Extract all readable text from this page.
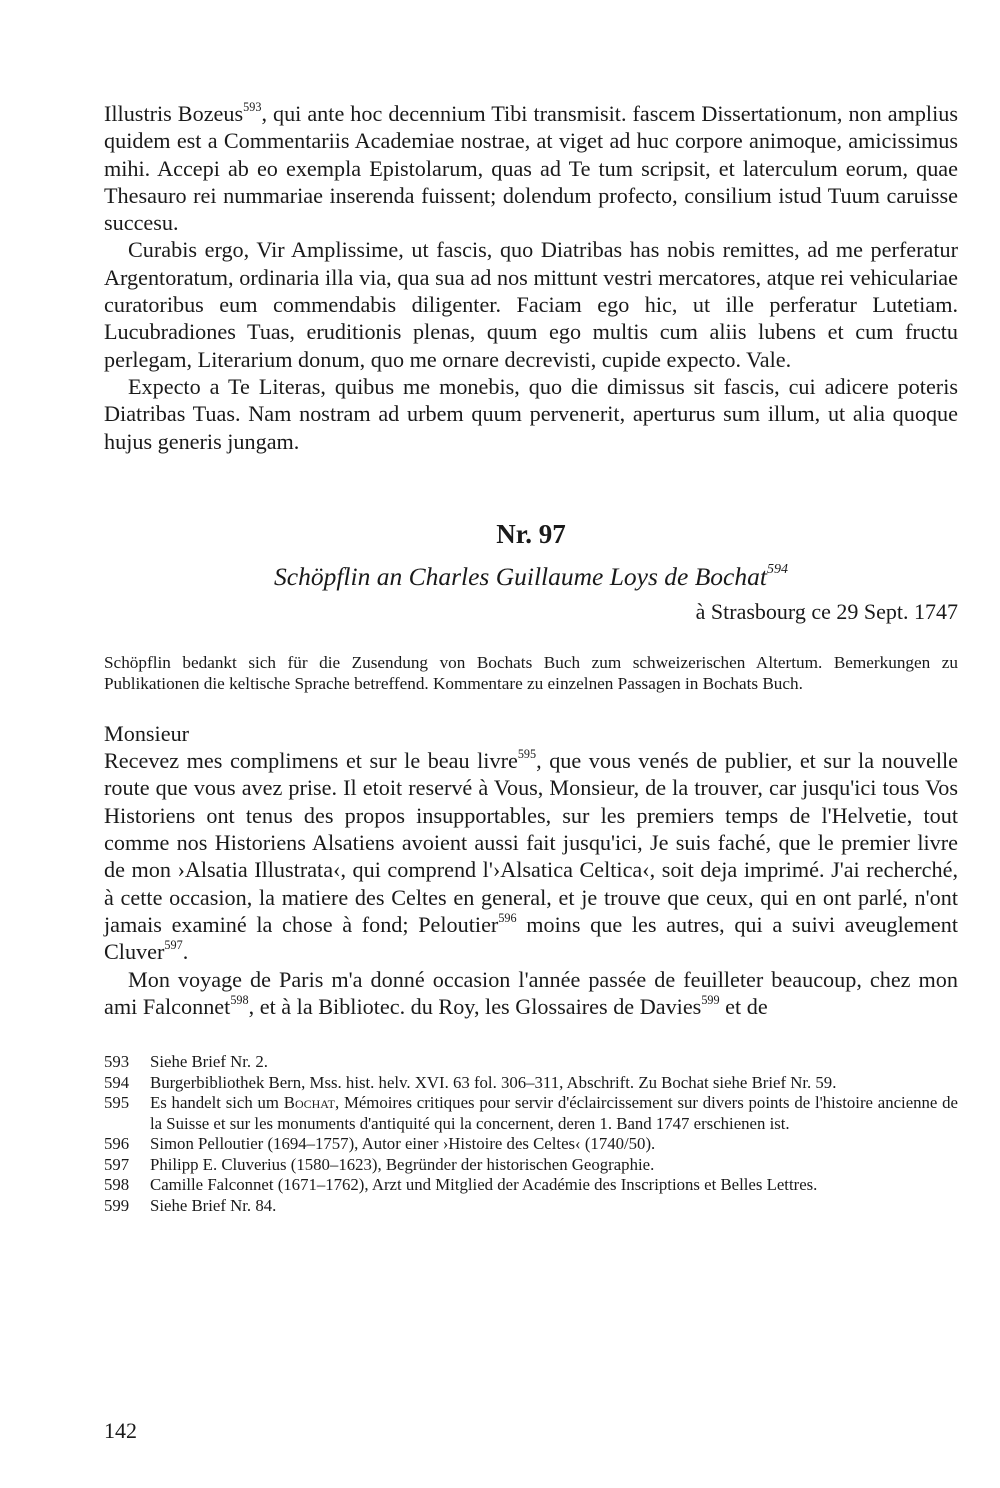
Illustris Bozeus$^{593}$, qui ante hoc decennium Tibi transmisit. fascem Dissertationum, non amplius quidem est a Commentariis Academiae nostrae, at viget ad huc corpore animoque, amicissimus mihi. Accepi ab eo exempla Epistolarum, quas ad Te tum scripsit, et laterculum eorum, quae Thesauro rei nummariae inserenda fuissent; dolendum profecto, consilium istud Tuum caruisse succesu.

Curabis ergo, Vir Amplissime, ut fascis, quo Diatribas has nobis remittes, ad me perferatur Argentoratum, ordinaria illa via, qua sua ad nos mittunt vestri mercatores, atque rei vehiculariae curatoribus eum commendabis diligenter. Faciam ego hic, ut ille perferatur Lutetiam. Lucubradiones Tuas, eruditionis plenas, quum ego multis cum aliis lubens et cum fructu perlegam, Literarium donum, quo me ornare decrevisti, cupide expecto. Vale.

Expecto a Te Literas, quibus me monebis, quo die dimissus sit fascis, cui adicere poteris Diatribas Tuas. Nam nostram ad urbem quum pervenerit, aperturus sum illum, ut alia quoque hujus generis jungam.

Nr. 97
Schöpflin an Charles Guillaume Loys de Bochat$^{594}$
à Strasbourg ce 29 Sept. 1747

Schöpflin bedankt sich für die Zusendung von Bochats Buch zum schweizerischen Altertum. Bemerkungen zu Publikationen die keltische Sprache betreffend. Kommentare zu einzelnen Passagen in Bochats Buch.

Monsieur

Recevez mes complimens et sur le beau livre$^{595}$, que vous venés de publier, et sur la nouvelle route que vous avez prise. Il etoit reservé à Vous, Monsieur, de la trouver, car jusqu'ici tous Vos Historiens ont tenus des propos insupportables, sur les premiers temps de l'Helvetie, tout comme nos Historiens Alsatiens avoient aussi fait jusqu'ici, Je suis faché, que le premier livre de mon ›Alsatia Illustrata‹, qui comprend l'›Alsatica Celtica‹, soit deja imprimé. J'ai recherché, à cette occasion, la matiere des Celtes en general, et je trouve que ceux, qui en ont parlé, n'ont jamais examiné la chose à fond; Peloutier$^{596}$ moins que les autres, qui a suivi aveuglement Cluver$^{597}$.

Mon voyage de Paris m'a donné occasion l'année passée de feuilleter beaucoup, chez mon ami Falconnet$^{598}$, et à la Bibliotec. du Roy, les Glossaires de Davies$^{599}$ et de

593	Siehe Brief Nr. 2.
594	Burgerbibliothek Bern, Mss. hist. helv. XVI. 63 fol. 306–311, Abschrift. Zu Bochat siehe Brief Nr. 59.
595	Es handelt sich um Bochat, Mémoires critiques pour servir d'éclaircissement sur divers points de l'histoire ancienne de la Suisse et sur les monuments d'antiquité qui la concernent, deren 1. Band 1747 erschienen ist.
596	Simon Pelloutier (1694–1757), Autor einer ›Histoire des Celtes‹ (1740/50).
597	Philipp E. Cluverius (1580–1623), Begründer der historischen Geographie.
598	Camille Falconnet (1671–1762), Arzt und Mitglied der Académie des Inscriptions et Belles Lettres.
599	Siehe Brief Nr. 84.
142
